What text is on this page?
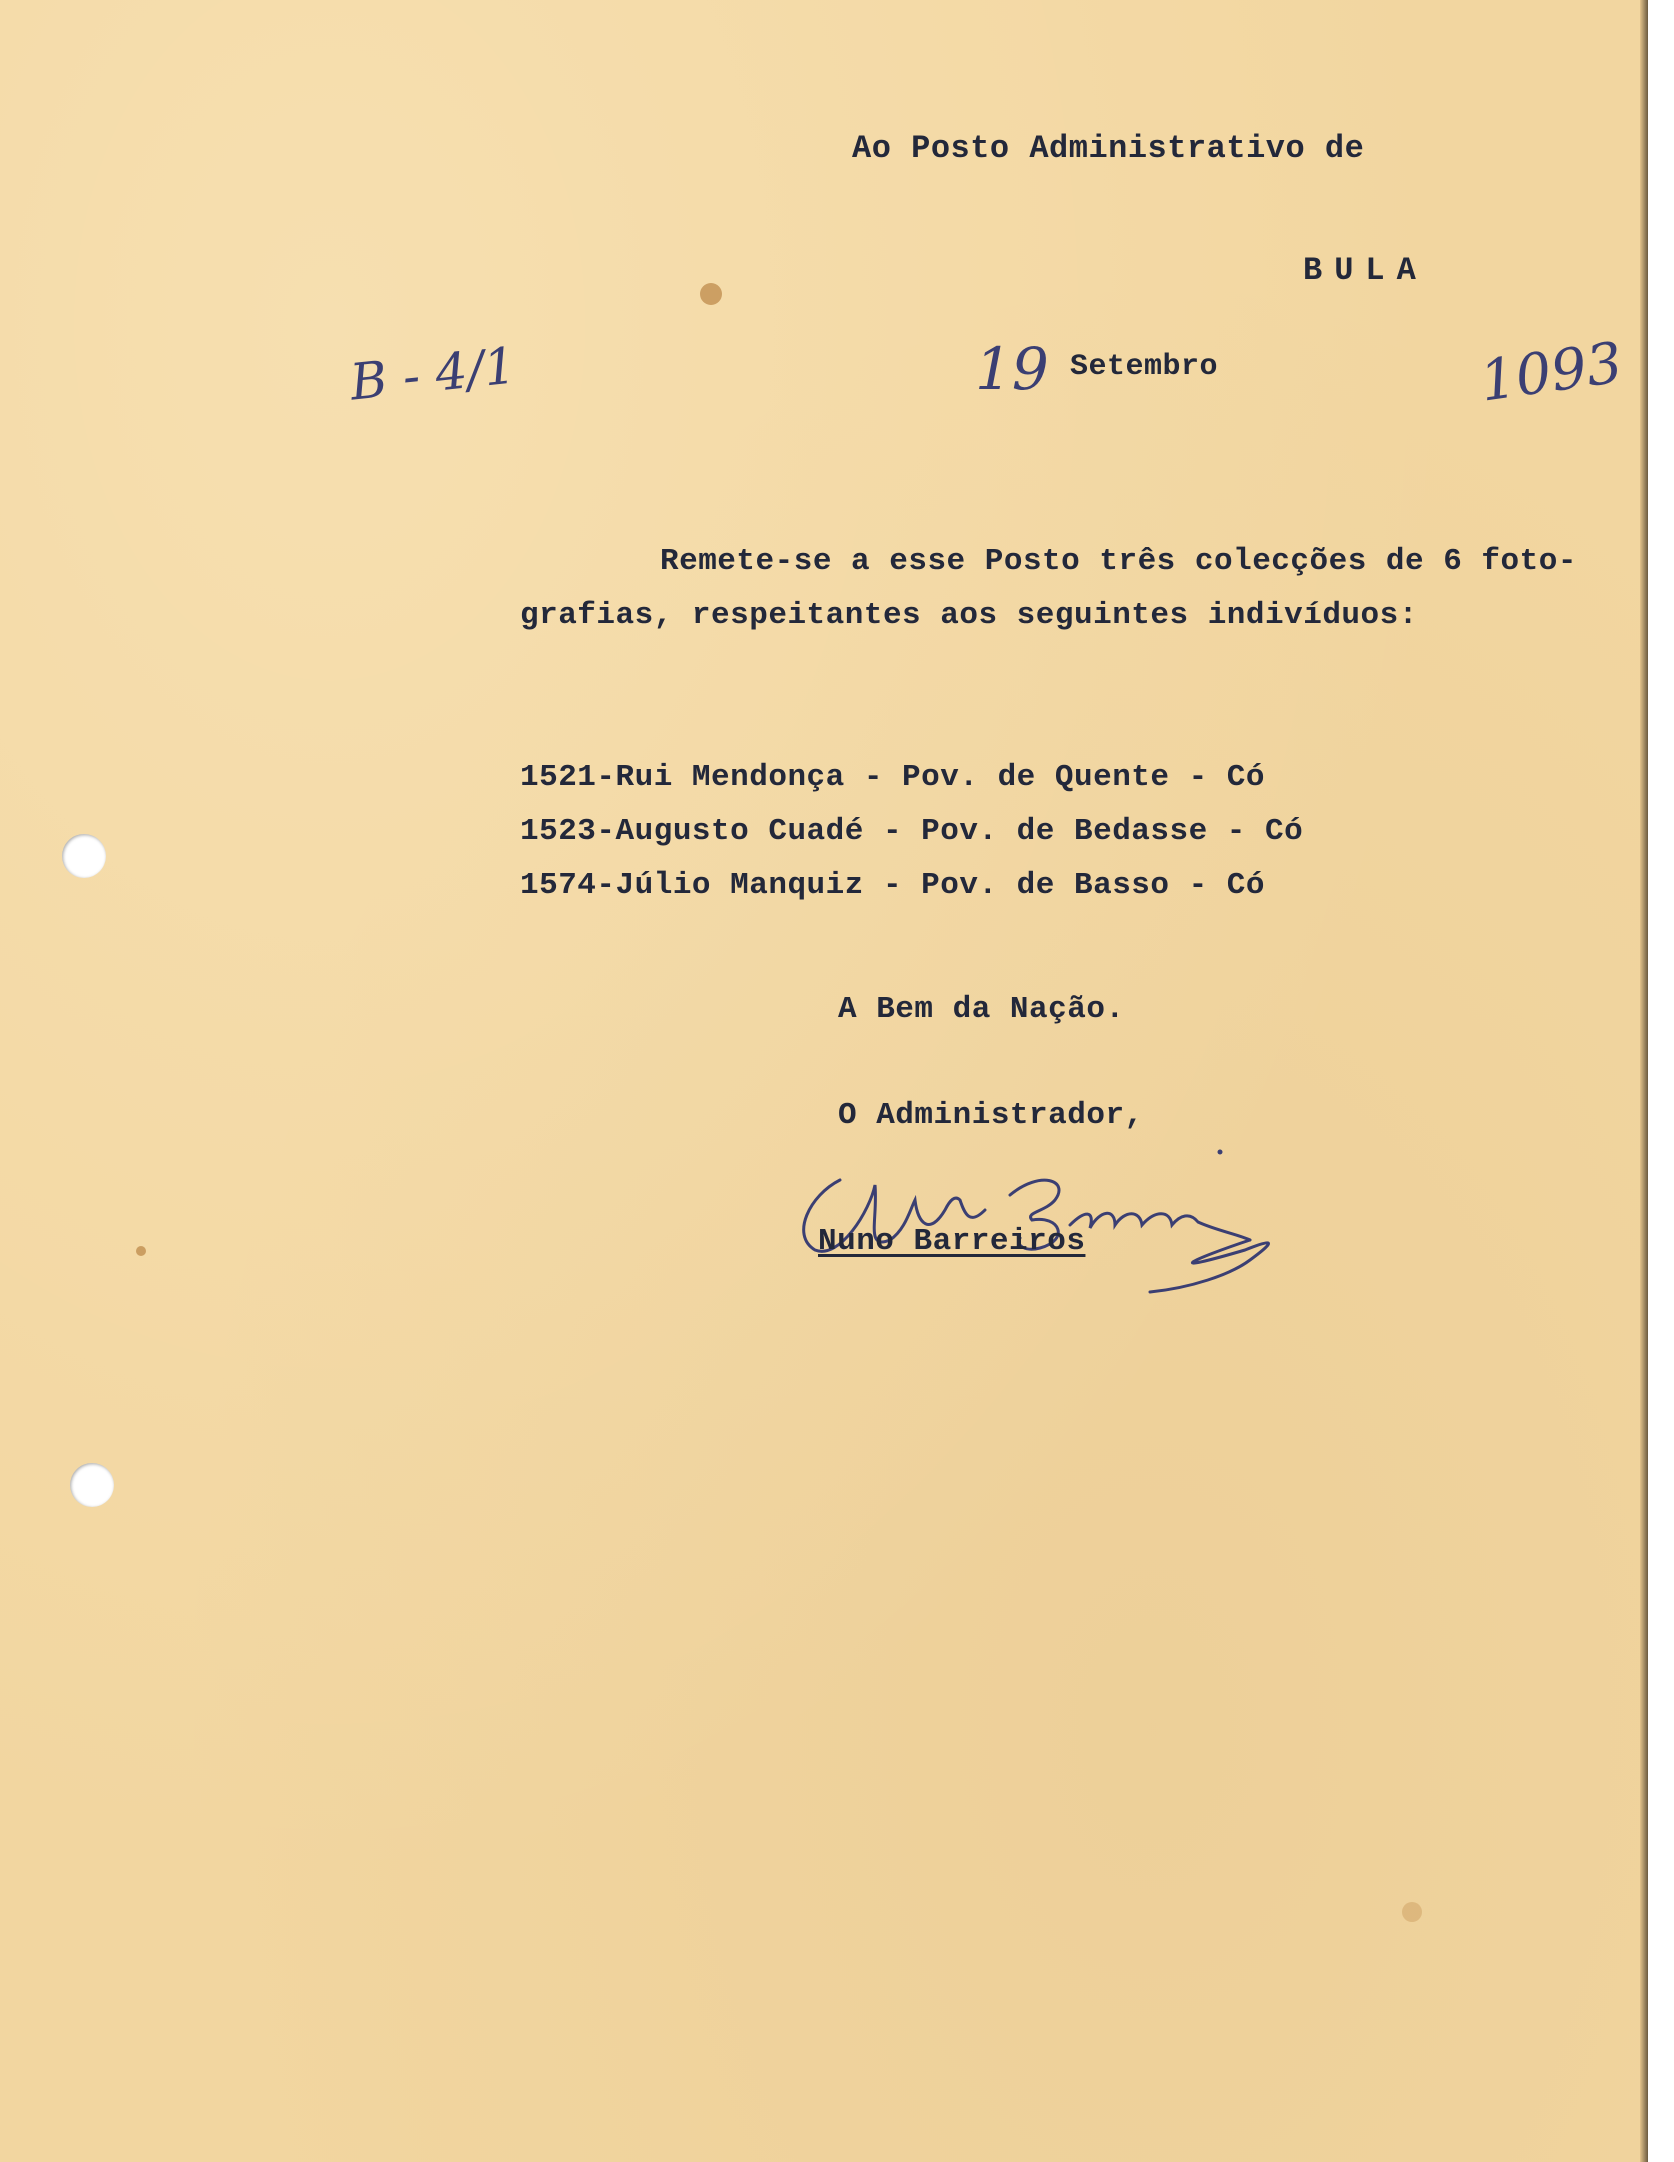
Ao Posto Administrativo de
BULA
B - 4/1	19 Setembro	1093
Remete-se a esse Posto três colecções de 6 foto-
grafias, respeitantes aos seguintes indivíduos:
1521-Rui Mendonça - Pov. de Quente - Có
1523-Augusto Cuadé - Pov. de Bedasse - Có
1574-Júlio Manquiz - Pov. de Basso - Có
A Bem da Nação.
O Administrador,
Nuno Barreiros
